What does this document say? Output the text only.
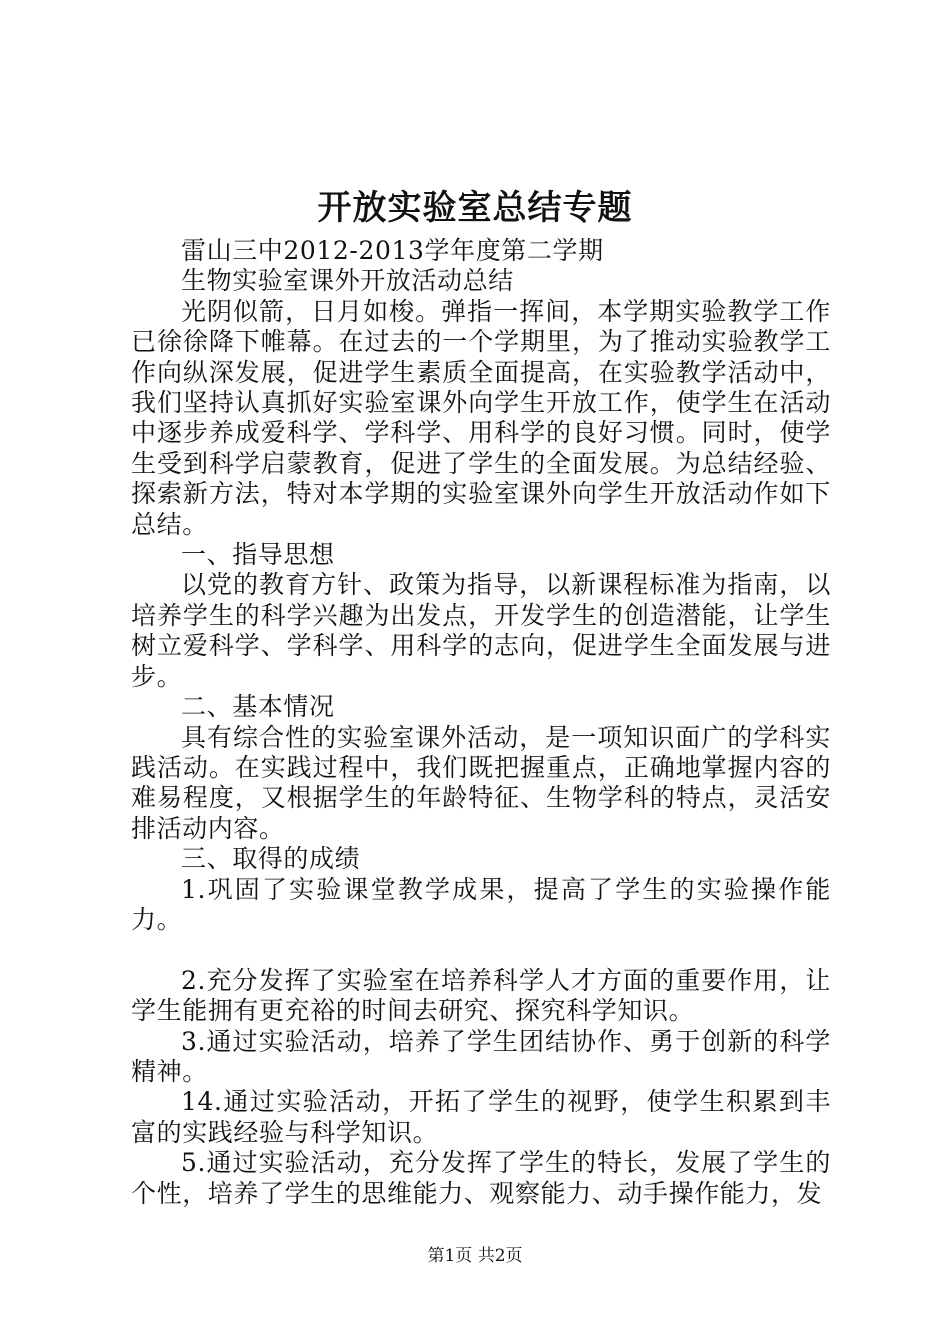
开放实验室总结专题

雷山三中2012-2013学年度第二学期

生物实验室课外开放活动总结

光阴似箭，日月如梭。弹指一挥间，本学期实验教学工作已徐徐降下帷幕。在过去的一个学期里，为了推动实验教学工作向纵深发展，促进学生素质全面提高，在实验教学活动中，我们坚持认真抓好实验室课外向学生开放工作，使学生在活动中逐步养成爱科学、学科学、用科学的良好习惯。同时，使学生受到科学启蒙教育，促进了学生的全面发展。为总结经验、探索新方法，特对本学期的实验室课外向学生开放活动作如下总结。

一、指导思想

以党的教育方针、政策为指导，以新课程标准为指南，以培养学生的科学兴趣为出发点，开发学生的创造潜能，让学生树立爱科学、学科学、用科学的志向，促进学生全面发展与进步。

二、基本情况

具有综合性的实验室课外活动，是一项知识面广的学科实践活动。在实践过程中，我们既把握重点，正确地掌握内容的难易程度，又根据学生的年龄特征、生物学科的特点，灵活安排活动内容。

三、取得的成绩

1.巩固了实验课堂教学成果，提高了学生的实验操作能力。

2.充分发挥了实验室在培养科学人才方面的重要作用，让学生能拥有更充裕的时间去研究、探究科学知识。

3.通过实验活动，培养了学生团结协作、勇于创新的科学精神。

14.通过实验活动，开拓了学生的视野，使学生积累到丰富的实践经验与科学知识。

5.通过实验活动，充分发挥了学生的特长，发展了学生的个性，培养了学生的思维能力、观察能力、动手操作能力，发

第1页 共2页
